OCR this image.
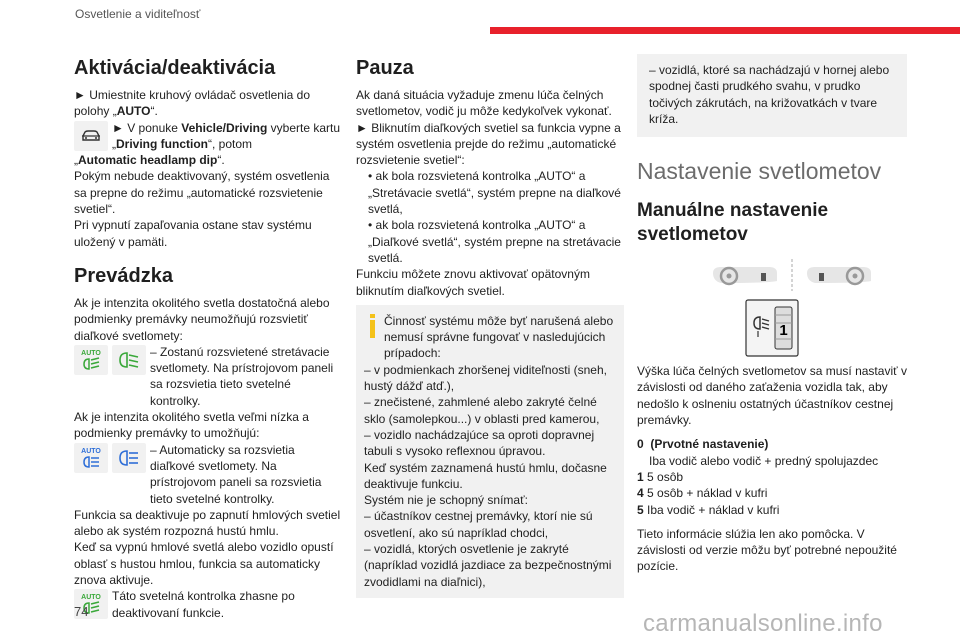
Osvetlenie a viditeľnosť
Aktivácia/deaktivácia

► Umiestnite kruhový ovládač osvetlenia do polohy „AUTO“.

► V ponuke Vehicle/Driving vyberte kartu „Driving function“, potom

„Automatic headlamp dip“.

Pokým nebude deaktivovaný, systém osvetlenia sa prepne do režimu „automatické rozsvietenie svetiel“.

Pri vypnutí zapaľovania ostane stav systému uložený v pamäti.

Prevádzka

Ak je intenzita okolitého svetla dostatočná alebo podmienky premávky neumožňujú rozsvietiť diaľkové svetlomety:

AUTO	– Zostanú rozsvietené stretávacie svetlomety. Na prístrojovom paneli sa rozsvietia tieto svetelné kontrolky.

Ak je intenzita okolitého svetla veľmi nízka a podmienky premávky to umožňujú:

AUTO	– Automaticky sa rozsvietia diaľkové svetlomety. Na prístrojovom paneli sa rozsvietia tieto svetelné kontrolky.

Funkcia sa deaktivuje po zapnutí hmlových svetiel alebo ak systém rozpozná hustú hmlu.

Keď sa vypnú hmlové svetlá alebo vozidlo opustí oblasť s hustou hmlou, funkcia sa automaticky znova aktivuje.

AUTO Táto svetelná kontrolka zhasne po deaktivovaní funkcie.

Pauza

Ak daná situácia vyžaduje zmenu lúča čelných svetlometov, vodič ju môže kedykoľvek vykonať.

► Bliknutím diaľkových svetiel sa funkcia vypne a systém osvetlenia prejde do režimu „automatické rozsvietenie svetiel“:

• ak bola rozsvietená kontrolka „AUTO“ a „Stretávacie svetlá“, systém prepne na diaľkové svetlá,

• ak bola rozsvietená kontrolka „AUTO“ a „Diaľkové svetlá“, systém prepne na stretávacie svetlá.

Funkciu môžete znovu aktivovať opätovným bliknutím diaľkových svetiel.

Činnosť systému môže byť narušená alebo nemusí správne fungovať v nasledujúcich prípadoch:

– v podmienkach zhoršenej viditeľnosti (sneh, hustý dážď atď.),

– znečistené, zahmlené alebo zakryté čelné sklo (samolepkou...) v oblasti pred kamerou,

– vozidlo nachádzajúce sa oproti dopravnej tabuli s vysoko reflexnou úpravou.

Keď systém zaznamená hustú hmlu, dočasne deaktivuje funkciu.

Systém nie je schopný snímať:

– účastníkov cestnej premávky, ktorí nie sú osvetlení, ako sú napríklad chodci,

– vozidlá, ktorých osvetlenie je zakryté (napríklad vozidlá jazdiace za bezpečnostnými zvodidlami na diaľnici),

– vozidlá, ktoré sa nachádzajú v hornej alebo spodnej časti prudkého svahu, v prudko točivých zákrutách, na križovatkách v tvare kríža.

Nastavenie svetlometov
Manuálne nastavenie svetlometov
1

Výška lúča čelných svetlometov sa musí nastaviť v závislosti od daného zaťaženia vozidla tak, aby nedošlo k oslneniu ostatných účastníkov cestnej premávky.

0 (Prvotné nastavenie)

Iba vodič alebo vodič + predný spolujazdec

1 5 osôb

4 5 osôb + náklad v kufri

5 Iba vodič + náklad v kufri

Tieto informácie slúžia len ako pomôcka. V závislosti od verzie môžu byť potrebné nepoužité pozície.

74	carmanualsonline.info
